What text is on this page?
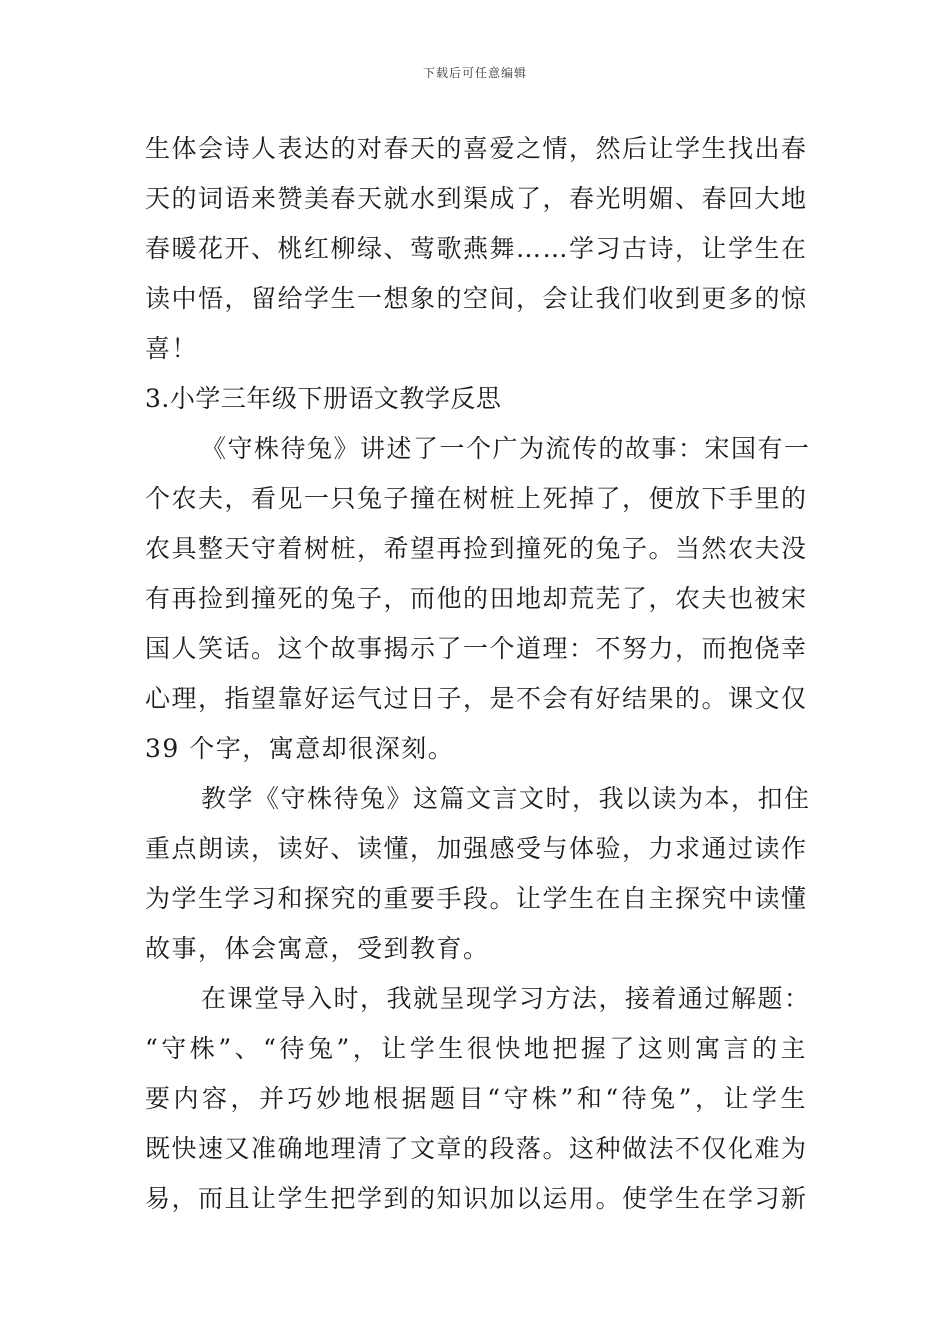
下载后可任意编辑
生体会诗人表达的对春天的喜爱之情，然后让学生找出春
天的词语来赞美春天就水到渠成了，春光明媚、春回大地
春暖花开、桃红柳绿、莺歌燕舞……学习古诗，让学生在
读中悟，留给学生一想象的空间，会让我们收到更多的惊
喜！
3.小学三年级下册语文教学反思
《守株待兔》讲述了一个广为流传的故事：宋国有一
个农夫，看见一只兔子撞在树桩上死掉了，便放下手里的
农具整天守着树桩，希望再捡到撞死的兔子。当然农夫没
有再捡到撞死的兔子，而他的田地却荒芜了，农夫也被宋
国人笑话。这个故事揭示了一个道理：不努力，而抱侥幸
心理，指望靠好运气过日子，是不会有好结果的。课文仅
39 个字，寓意却很深刻。
教学《守株待兔》这篇文言文时，我以读为本，扣住
重点朗读，读好、读懂，加强感受与体验，力求通过读作
为学生学习和探究的重要手段。让学生在自主探究中读懂
故事，体会寓意，受到教育。
在课堂导入时，我就呈现学习方法，接着通过解题：
“守株”、“待兔”，让学生很快地把握了这则寓言的主
要内容，并巧妙地根据题目“守株”和“待兔”，让学生
既快速又准确地理清了文章的段落。这种做法不仅化难为
易，而且让学生把学到的知识加以运用。使学生在学习新
